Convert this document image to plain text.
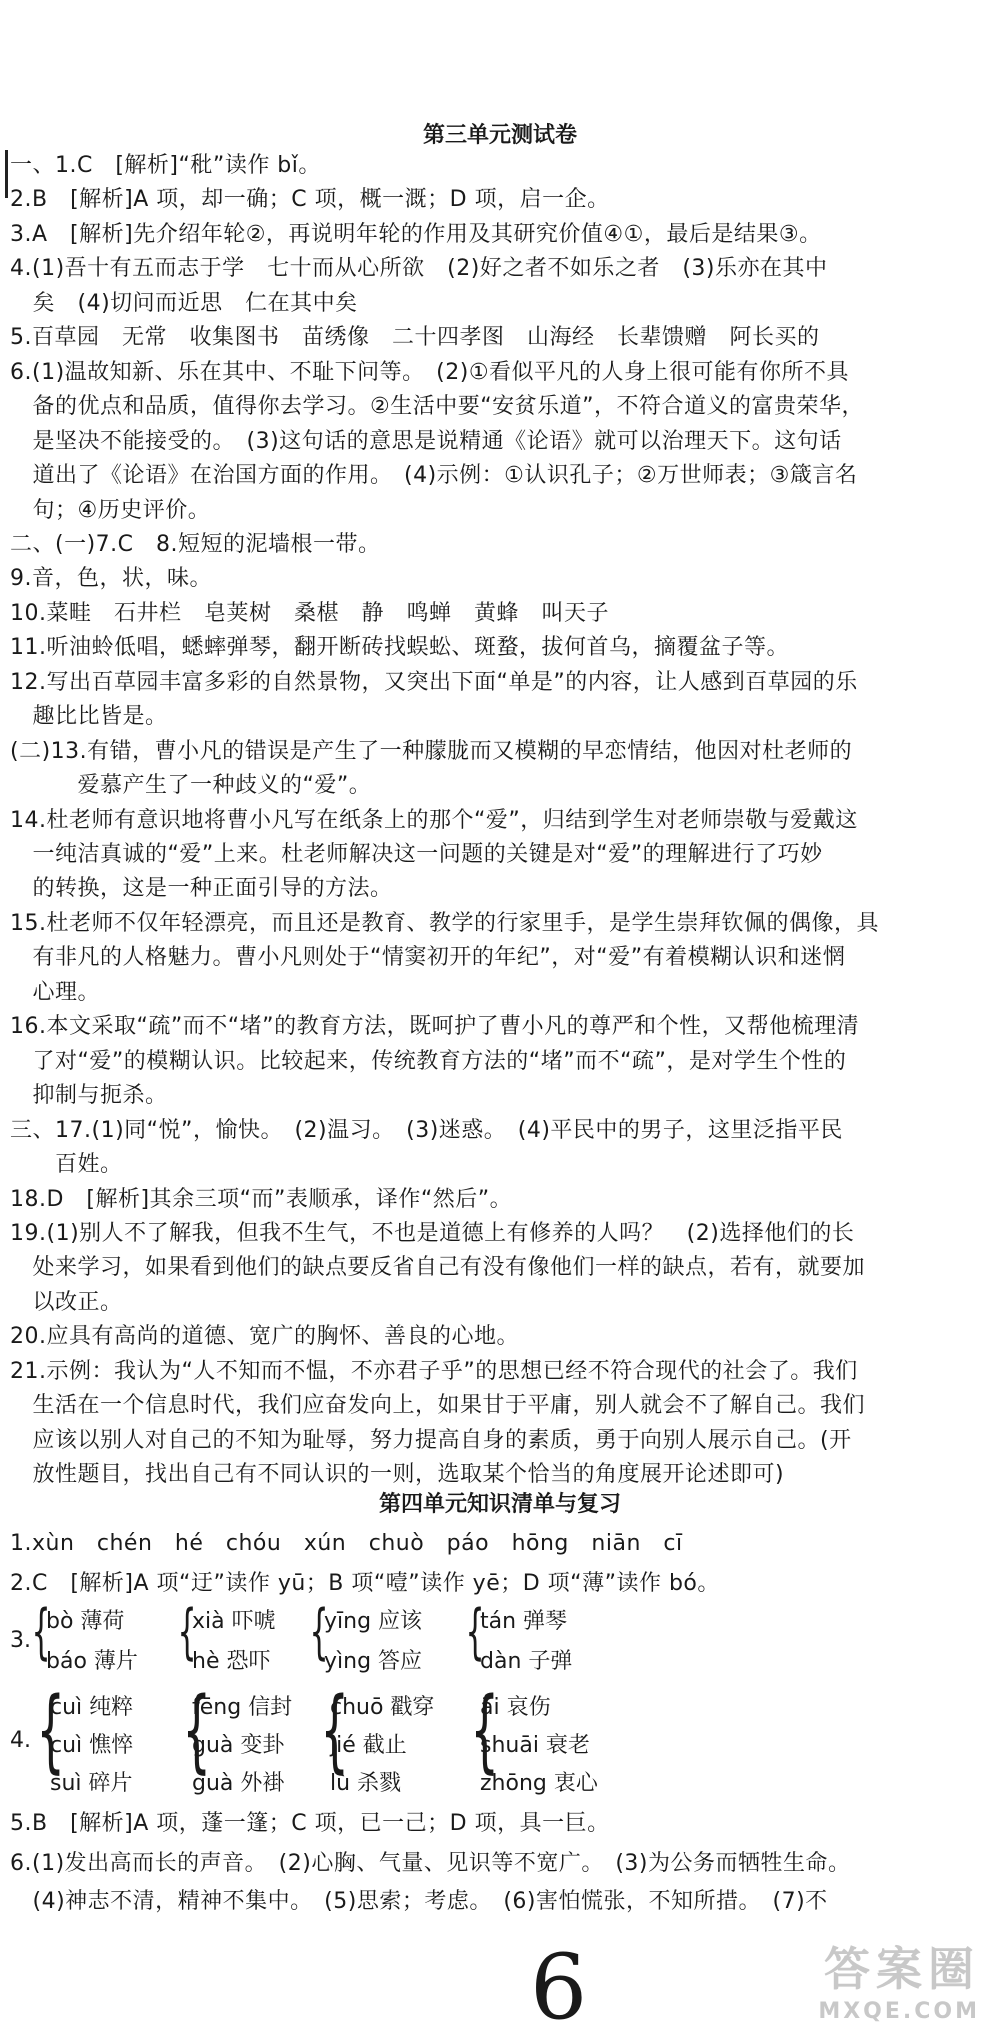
第三单元测试卷
一、1.C　[解析]“秕”读作 bǐ。
2.B　[解析]A 项，却一确；C 项，概一溉；D 项，启一企。
3.A　[解析]先介绍年轮②，再说明年轮的作用及其研究价值④①，最后是结果③。
4.(1)吾十有五而志于学　七十而从心所欲　(2)好之者不如乐之者　(3)乐亦在其中
　矣　(4)切问而近思　仁在其中矣
5.百草园　无常　收集图书　苗绣像　二十四孝图　山海经　长辈馈赠　阿长买的
6.(1)温故知新、乐在其中、不耻下问等。　(2)①看似平凡的人身上很可能有你所不具
　备的优点和品质，值得你去学习。②生活中要“安贫乐道”，不符合道义的富贵荣华，
　是坚决不能接受的。　(3)这句话的意思是说精通《论语》就可以治理天下。这句话
　道出了《论语》在治国方面的作用。　(4)示例：①认识孔子；②万世师表；③箴言名
　句；④历史评价。
二、(一)7.C　8.短短的泥墙根一带。
9.音，色，状，味。
10.菜畦　石井栏　皂荚树　桑椹　静　鸣蝉　黄蜂　叫天子
11.听油蛉低唱，蟋蟀弹琴，翻开断砖找蜈蚣、斑蝥，拔何首乌，摘覆盆子等。
12.写出百草园丰富多彩的自然景物，又突出下面“单是”的内容，让人感到百草园的乐
　趣比比皆是。
(二)13.有错，曹小凡的错误是产生了一种朦胧而又模糊的早恋情结，他因对杜老师的
　　　爱慕产生了一种歧义的“爱”。
14.杜老师有意识地将曹小凡写在纸条上的那个“爱”，归结到学生对老师崇敬与爱戴这
　一纯洁真诚的“爱”上来。杜老师解决这一问题的关键是对“爱”的理解进行了巧妙
　的转换，这是一种正面引导的方法。
15.杜老师不仅年轻漂亮，而且还是教育、教学的行家里手，是学生崇拜钦佩的偶像，具
　有非凡的人格魅力。曹小凡则处于“情窦初开的年纪”，对“爱”有着模糊认识和迷惘
　心理。
16.本文采取“疏”而不“堵”的教育方法，既呵护了曹小凡的尊严和个性，又帮他梳理清
　了对“爱”的模糊认识。比较起来，传统教育方法的“堵”而不“疏”，是对学生个性的
　抑制与扼杀。
三、17.(1)同“悦”，愉快。　(2)温习。　(3)迷惑。　(4)平民中的男子，这里泛指平民
　　百姓。
18.D　[解析]其余三项“而”表顺承，译作“然后”。
19.(1)别人不了解我，但我不生气，不也是道德上有修养的人吗？　(2)选择他们的长
　处来学习，如果看到他们的缺点要反省自己有没有像他们一样的缺点，若有，就要加
　以改正。
20.应具有高尚的道德、宽广的胸怀、善良的心地。
21.示例：我认为“人不知而不愠，不亦君子乎”的思想已经不符合现代的社会了。我们
　生活在一个信息时代，我们应奋发向上，如果甘于平庸，别人就会不了解自己。我们
　应该以别人对自己的不知为耻辱，努力提高自身的素质，勇于向别人展示自己。(开
　放性题目，找出自己有不同认识的一则，选取某个恰当的角度展开论述即可)
第四单元知识清单与复习
1.xùn　chén　hé　chóu　xún　chuò　páo　hōng　niān　cī
2.C　[解析]A 项“迂”读作 yū；B 项“噎”读作 yē；D 项“薄”读作 bó。
3. {
bò 薄荷
báo 薄片 {
xià 吓唬
hè 恐吓 {
yīng 应该
yìng 答应 {
tán 弹琴
dàn 子弹
4. {
cuì 纯粹
cuì 憔悴
suì 碎片
{
fēng 信封
guà 变卦
guà 外褂
{
chuō 戳穿
jié 截止
lù 杀戮
{
āi 哀伤
shuāi 衰老
zhōng 衷心
5.B　[解析]A 项，蓬一篷；C 项，已一己；D 项，具一巨。
6.(1)发出高而长的声音。　(2)心胸、气量、见识等不宽广。　(3)为公务而牺牲生命。
　(4)神志不清，精神不集中。　(5)思索；考虑。　(6)害怕慌张，不知所措。　(7)不
6	答案圈
MXQE.COM
